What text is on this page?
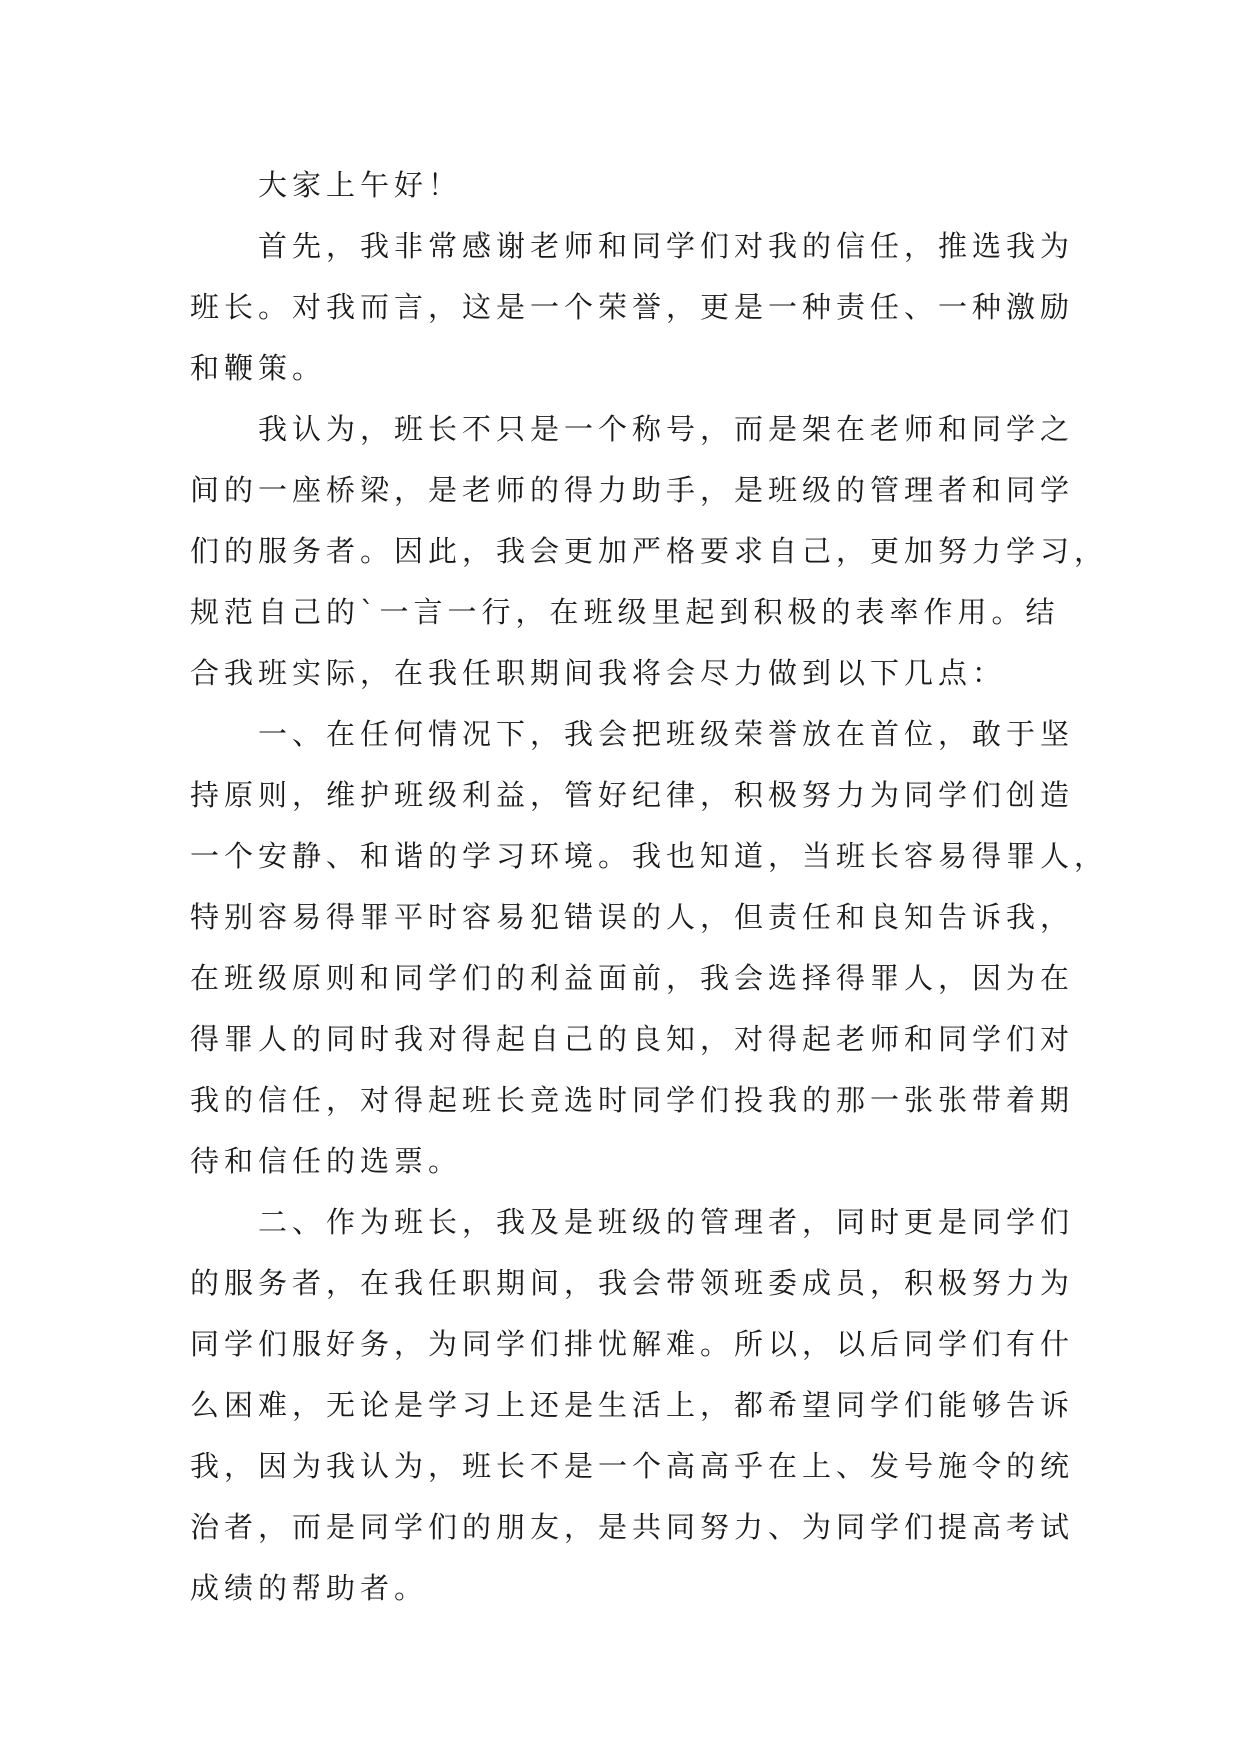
大家上午好！
首先，我非常感谢老师和同学们对我的信任，推选我为
班长。对我而言，这是一个荣誉，更是一种责任、一种激励
和鞭策。
我认为，班长不只是一个称号，而是架在老师和同学之
间的一座桥梁，是老师的得力助手，是班级的管理者和同学
们的服务者。因此，我会更加严格要求自己，更加努力学习，
规范自己的`一言一行，在班级里起到积极的表率作用。结
合我班实际，在我任职期间我将会尽力做到以下几点：
一、在任何情况下，我会把班级荣誉放在首位，敢于坚
持原则，维护班级利益，管好纪律，积极努力为同学们创造
一个安静、和谐的学习环境。我也知道，当班长容易得罪人，
特别容易得罪平时容易犯错误的人，但责任和良知告诉我，
在班级原则和同学们的利益面前，我会选择得罪人，因为在
得罪人的同时我对得起自己的良知，对得起老师和同学们对
我的信任，对得起班长竞选时同学们投我的那一张张带着期
待和信任的选票。
二、作为班长，我及是班级的管理者，同时更是同学们
的服务者，在我任职期间，我会带领班委成员，积极努力为
同学们服好务，为同学们排忧解难。所以，以后同学们有什
么困难，无论是学习上还是生活上，都希望同学们能够告诉
我，因为我认为，班长不是一个高高乎在上、发号施令的统
治者，而是同学们的朋友，是共同努力、为同学们提高考试
成绩的帮助者。
